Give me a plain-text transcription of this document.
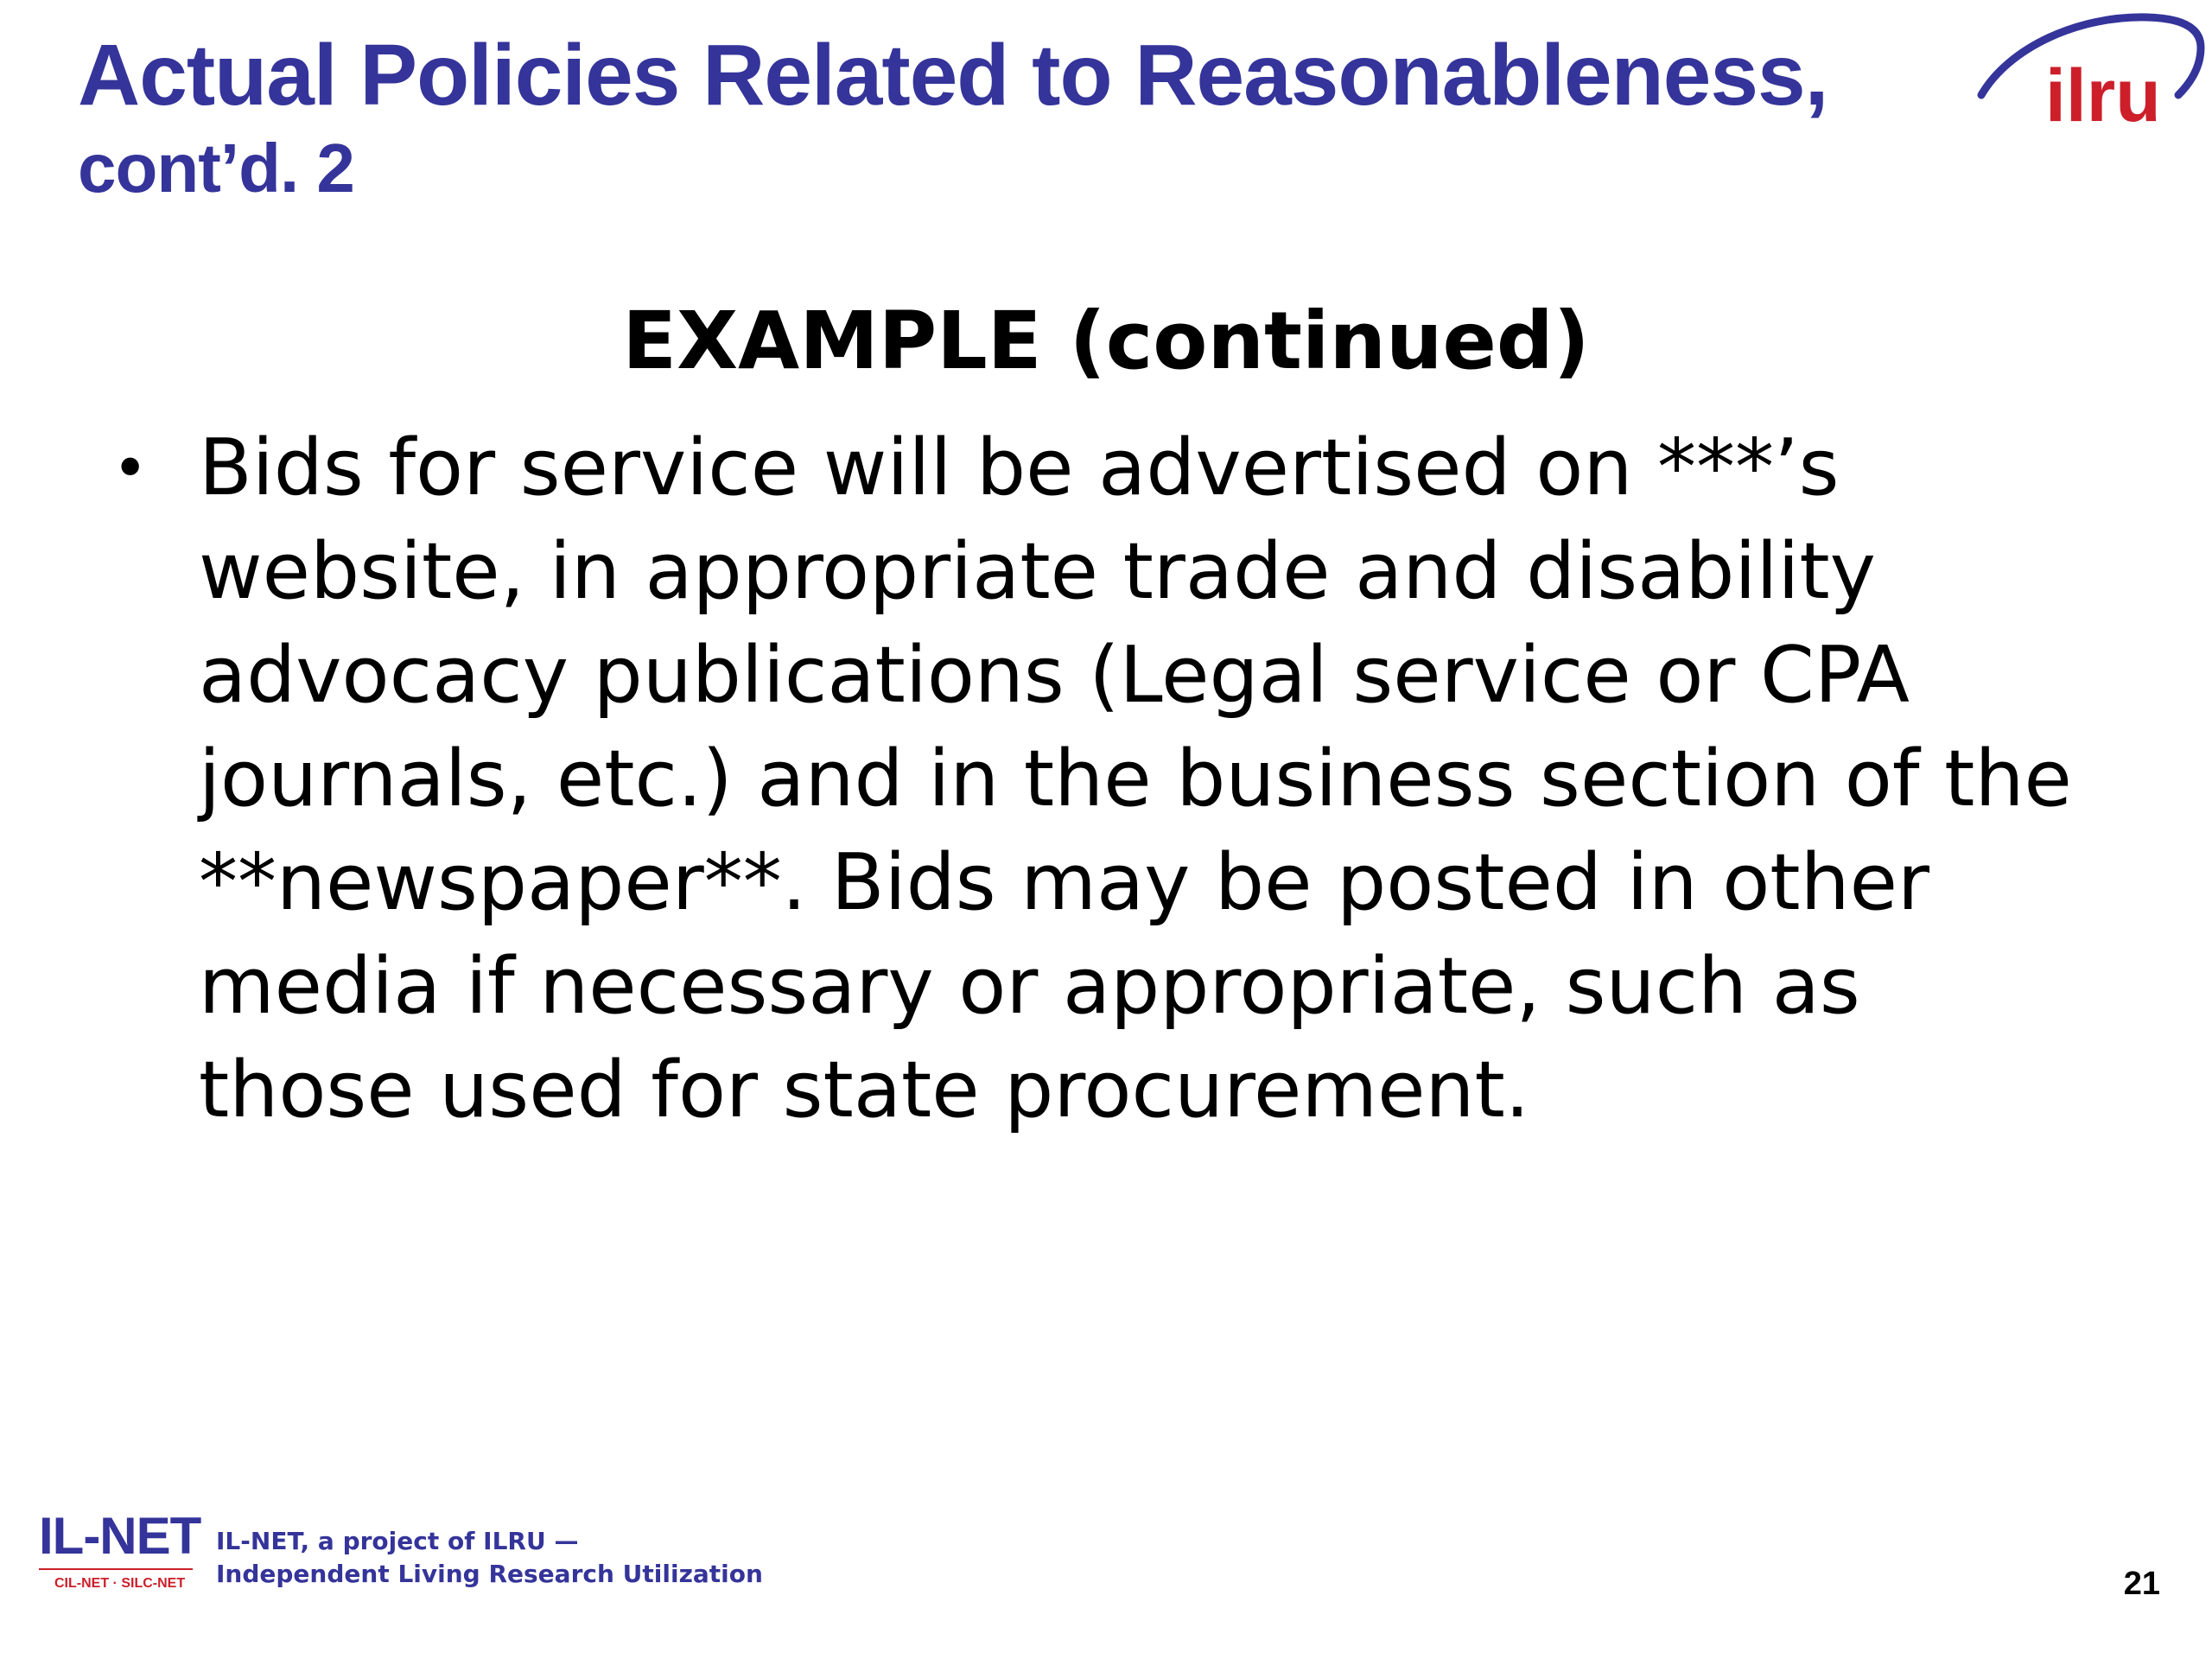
Actual Policies Related to Reasonableness,
cont’d. 2
ilru
EXAMPLE (continued)
• Bids for service will be advertised on ***’s website, in appropriate trade and disability advocacy publications (Legal service or CPA journals, etc.) and in the business section of the **newspaper**. Bids may be posted in other media if necessary or appropriate, such as those used for state procurement.
IL-NET
CIL-NET · SILC-NET
IL-NET, a project of ILRU —
Independent Living Research Utilization	21
